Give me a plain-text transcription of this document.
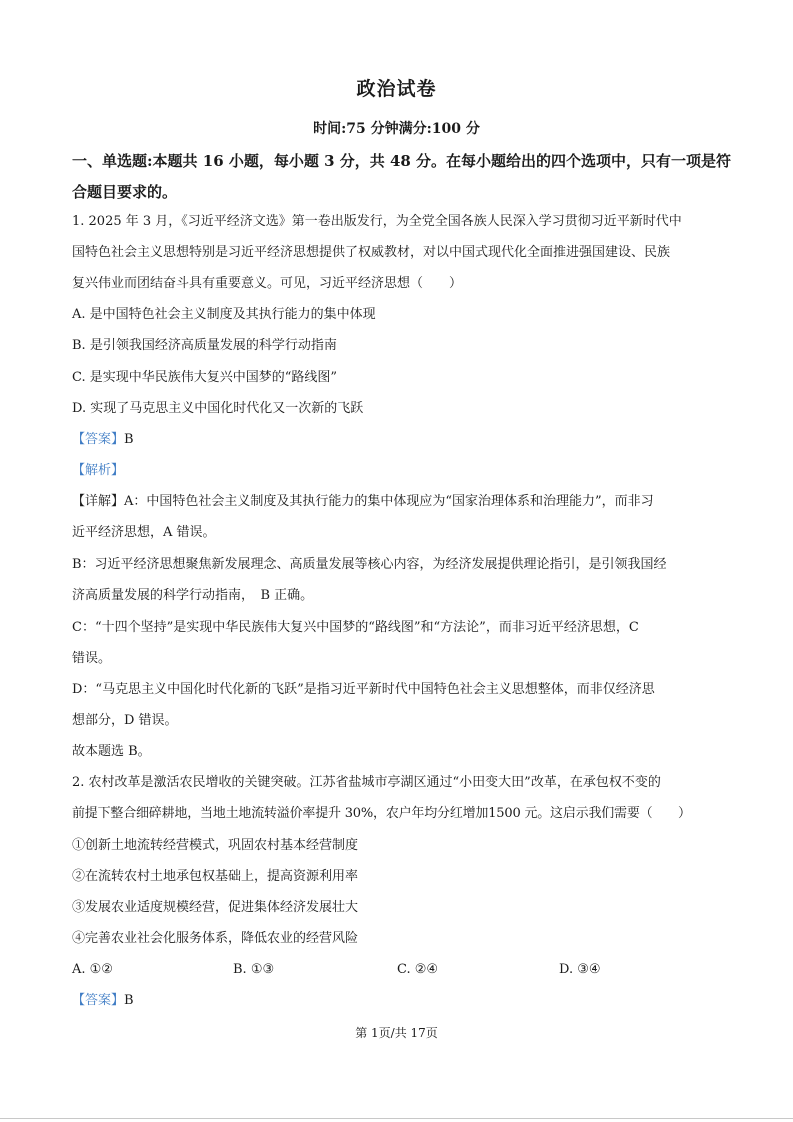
政治试卷
时间:75 分钟满分:100 分
一、单选题:本题共 16 小题，每小题 3 分，共 48 分。在每小题给出的四个选项中，只有一项是符合题目要求的。
1. 2025 年 3 月，《习近平经济文选》第一卷出版发行，为全党全国各族人民深入学习贯彻习近平新时代中
国特色社会主义思想特别是习近平经济思想提供了权威教材，对以中国式现代化全面推进强国建设、民族
复兴伟业而团结奋斗具有重要意义。可见，习近平经济思想（　　）
A. 是中国特色社会主义制度及其执行能力的集中体现
B. 是引领我国经济高质量发展的科学行动指南
C. 是实现中华民族伟大复兴中国梦的“路线图”
D. 实现了马克思主义中国化时代化又一次新的飞跃
【答案】B
【解析】
【详解】A：中国特色社会主义制度及其执行能力的集中体现应为“国家治理体系和治理能力”，而非习
近平经济思想，A 错误。
B：习近平经济思想聚焦新发展理念、高质量发展等核心内容，为经济发展提供理论指引，是引领我国经
济高质量发展的科学行动指南，　B 正确。
C：“十四个坚持”是实现中华民族伟大复兴中国梦的“路线图”和“方法论”，而非习近平经济思想，C
错误。
D：“马克思主义中国化时代化新的飞跃”是指习近平新时代中国特色社会主义思想整体，而非仅经济思
想部分，D 错误。
故本题选 B。
2. 农村改革是激活农民增收的关键突破。江苏省盐城市亭湖区通过“小田变大田”改革，在承包权不变的
前提下整合细碎耕地，当地土地流转溢价率提升 30%，农户年均分红增加1500 元。这启示我们需要（　　）
①创新土地流转经营模式，巩固农村基本经营制度
②在流转农村土地承包权基础上，提高资源利用率
③发展农业适度规模经营，促进集体经济发展壮大
④完善农业社会化服务体系，降低农业的经营风险
A. ①②	B. ①③	C. ②④	D. ③④
【答案】B
第 1页/共 17页
